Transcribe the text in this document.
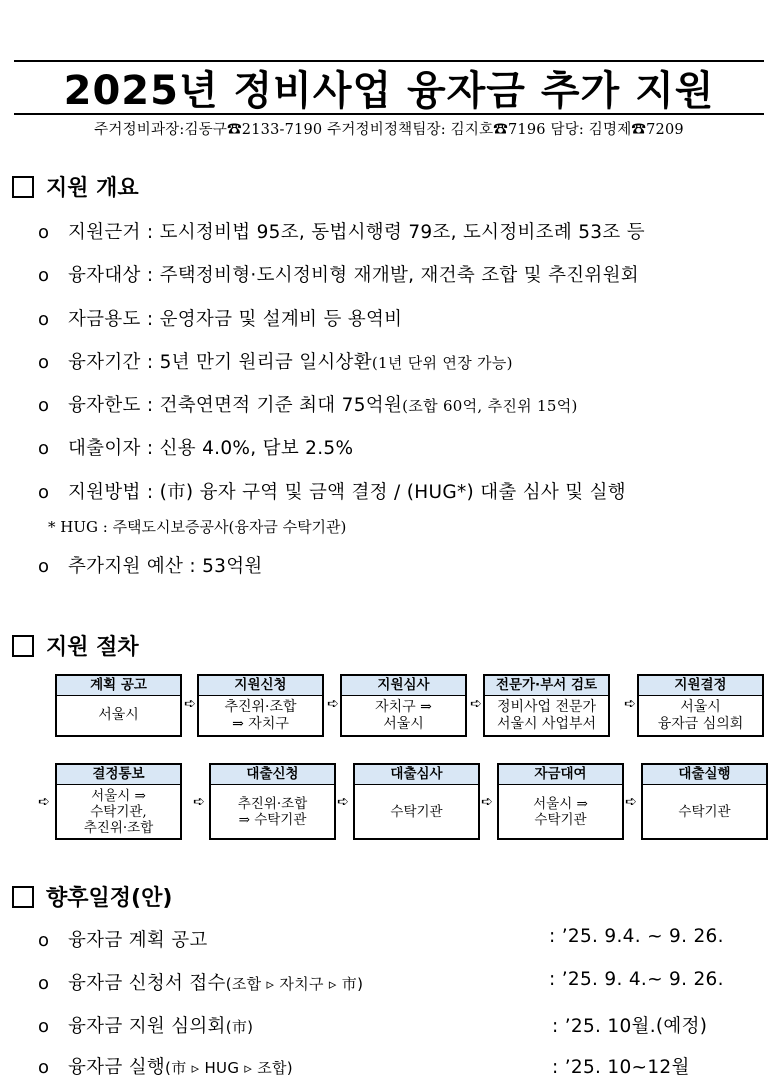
2025년 정비사업 융자금 추가 지원
주거정비과장:김동구☎2133-7190 주거정비정책팀장: 김지호☎7196 담당: 김명제☎7209
지원 개요
o	지원근거 : 도시정비법 95조, 동법시행령 79조, 도시정비조례 53조 등
o	융자대상 : 주택정비형·도시정비형 재개발, 재건축 조합 및 추진위원회
o	자금용도 : 운영자금 및 설계비 등 용역비
o	융자기간 : 5년 만기 원리금 일시상환 (1년 단위 연장 가능)
o	융자한도 : 건축연면적 기준 최대 75억원 (조합 60억, 추진위 15억)
o	대출이자 : 신용 4.0%, 담보 2.5%
o	지원방법 : (市) 융자 구역 및 금액 결정 / (HUG*) 대출 심사 및 실행
* HUG : 주택도시보증공사(융자금 수탁기관)
o	추가지원 예산 : 53억원
지원 절차
계획 공고
서울시
➪
지원신청
추진위·조합
⇒ 자치구
➪
지원심사
자치구 ⇒
서울시
➪
전문가·부서 검토
정비사업 전문가
서울시 사업부서
➪
지원결정
서울시
융자금 심의회
➪
결정통보
서울시 ⇒
수탁기관,
추진위·조합
➪
대출신청
추진위·조합
⇒ 수탁기관
➪
대출심사
수탁기관
➪
자금대여
서울시 ⇒
수탁기관
➪
대출실행
수탁기관
향후일정(안)
o	융자금 계획 공고	: ’25. 9.4. ~ 9. 26.
o	융자금 신청서 접수 (조합 ▹ 자치구 ▹ 市)	: ’25. 9. 4.~ 9. 26.
o	융자금 지원 심의회 (市)	: ’25. 10월.(예정)
o	융자금 실행 (市 ▹ HUG ▹ 조합)	: ’25. 10~12월
